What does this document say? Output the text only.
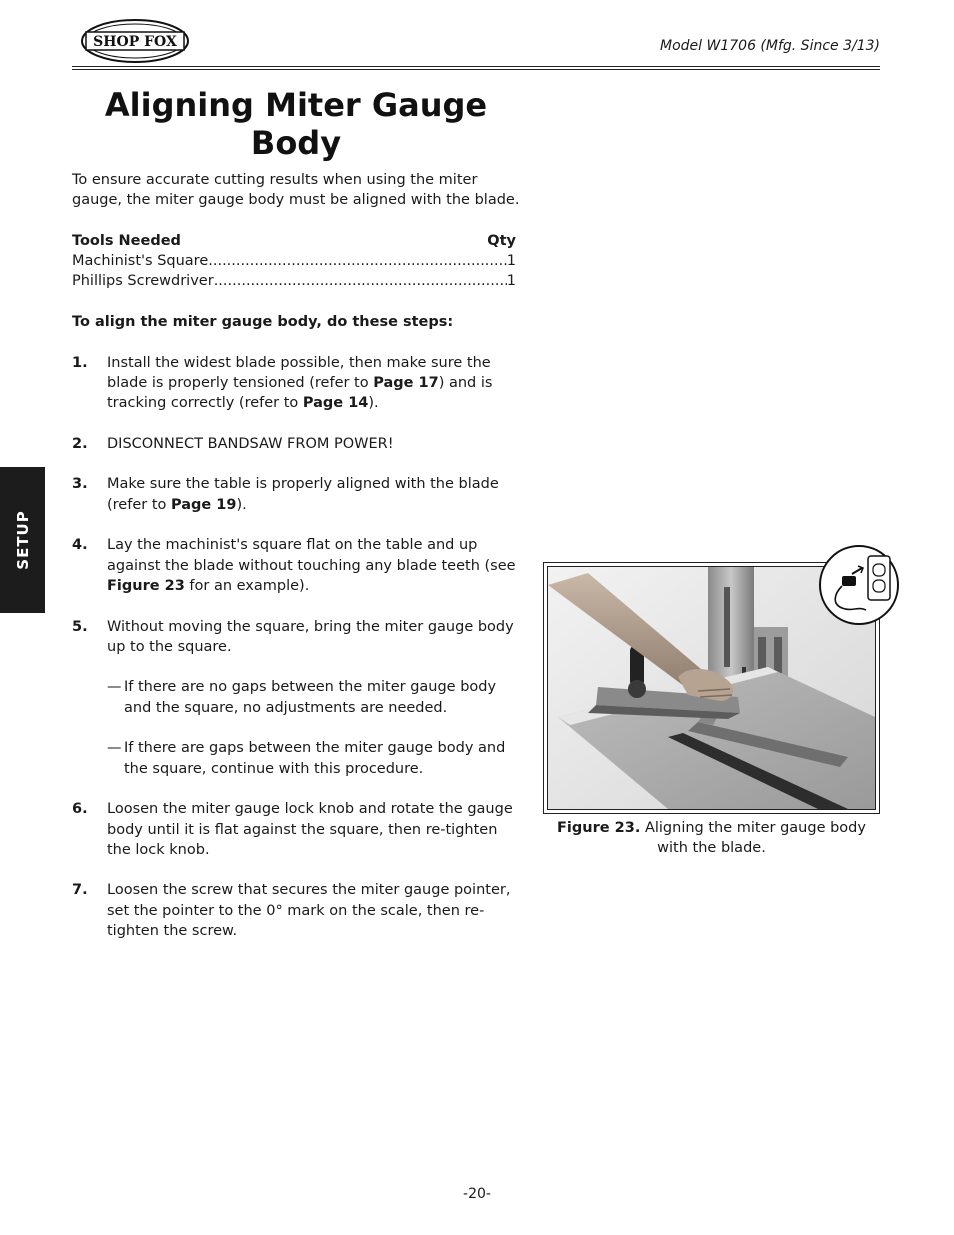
SHOP FOX	Model W1706 (Mfg. Since 3/13)
Aligning Miter Gauge Body

To ensure accurate cutting results when using the miter gauge, the miter gauge body must be aligned with the blade.

Tools Needed	Qty
Machinist's Square .....	1
Phillips Screwdriver .....	1

To align the miter gauge body, do these steps:

1.	Install the widest blade possible, then make sure the blade is properly tensioned (refer to Page 17) and is tracking correctly (refer to Page 14).
2.	DISCONNECT BANDSAW FROM POWER!
3.	Make sure the table is properly aligned with the blade (refer to Page 19).
4.	Lay the machinist's square flat on the table and up against the blade without touching any blade teeth (see Figure 23 for an example).
5.	Without moving the square, bring the miter gauge body up to the square.
— If there are no gaps between the miter gauge body and the square, no adjustments are needed.
— If there are gaps between the miter gauge body and the square, continue with this procedure.
6.	Loosen the miter gauge lock knob and rotate the gauge body until it is flat against the square, then re-tighten the lock knob.
7.	Loosen the screw that secures the miter gauge pointer, set the pointer to the 0° mark on the scale, then re-tighten the screw.
SETUP
Figure 23. Aligning the miter gauge body with the blade.
-20-
